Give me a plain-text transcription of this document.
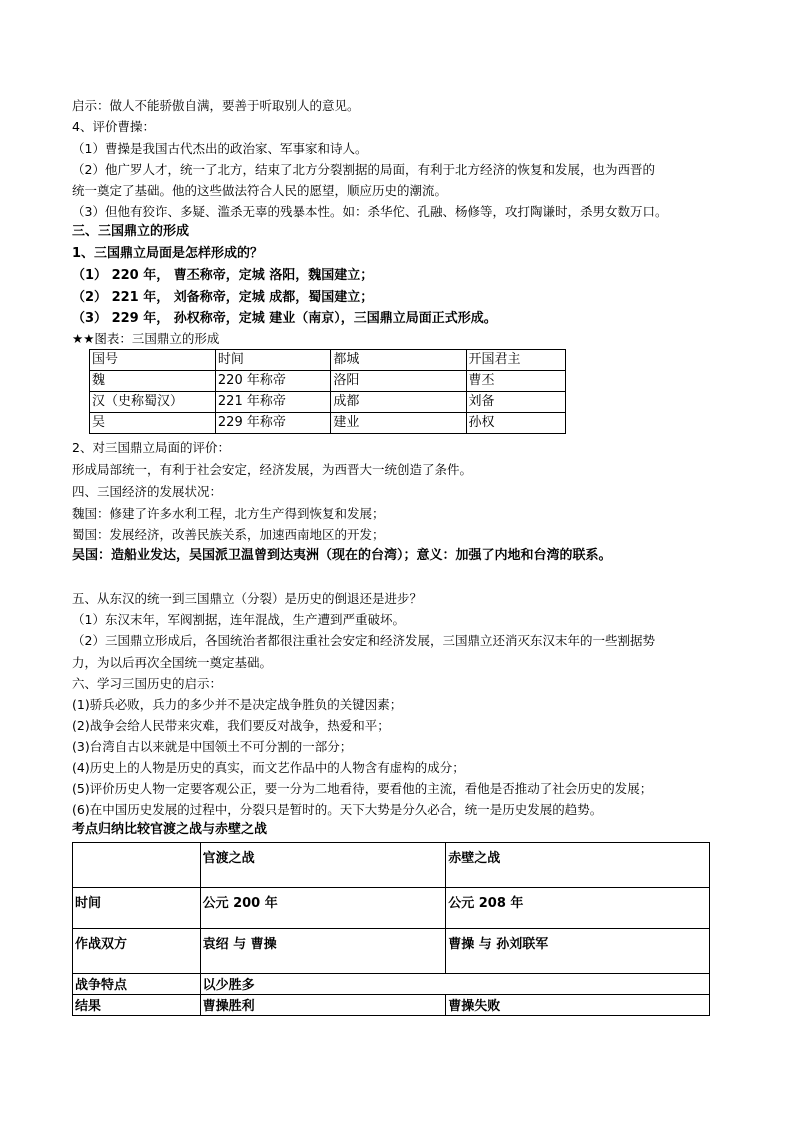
启示：做人不能骄傲自满，要善于听取别人的意见。
4、评价曹操：
（1）曹操是我国古代杰出的政治家、军事家和诗人。
（2）他广罗人才，统一了北方，结束了北方分裂割据的局面，有利于北方经济的恢复和发展，也为西晋的
统一奠定了基础。他的这些做法符合人民的愿望，顺应历史的潮流。
（3）但他有狡诈、多疑、滥杀无辜的残暴本性。如：杀华佗、孔融、杨修等，攻打陶谦时，杀男女数万口。
三、三国鼎立的形成
1、三国鼎立局面是怎样形成的？
（1） 220 年， 曹丕称帝，定城 洛阳，魏国建立；
（2） 221 年， 刘备称帝，定城 成都，蜀国建立；
（3） 229 年， 孙权称帝，定城 建业（南京），三国鼎立局面正式形成。
★★图表：三国鼎立的形成
国号	时间	都城	开国君主
魏	220 年称帝	洛阳	曹丕
汉（史称蜀汉）	221 年称帝	成都	刘备
吴	229 年称帝	建业	孙权
2、对三国鼎立局面的评价：
形成局部统一，有利于社会安定，经济发展，为西晋大一统创造了条件。
四、三国经济的发展状况：
魏国：修建了许多水利工程，北方生产得到恢复和发展；
蜀国：发展经济，改善民族关系，加速西南地区的开发；
吴国：造船业发达，吴国派卫温曾到达夷洲（现在的台湾）；意义：加强了内地和台湾的联系。
五、从东汉的统一到三国鼎立（分裂）是历史的倒退还是进步？
（1）东汉末年，军阀割据，连年混战，生产遭到严重破坏。
（2）三国鼎立形成后，各国统治者都很注重社会安定和经济发展，三国鼎立还消灭东汉末年的一些割据势
力，为以后再次全国统一奠定基础。
六、学习三国历史的启示：
(1)骄兵必败，兵力的多少并不是决定战争胜负的关键因素；
(2)战争会给人民带来灾难，我们要反对战争，热爱和平；
(3)台湾自古以来就是中国领土不可分割的一部分；
(4)历史上的人物是历史的真实，而文艺作品中的人物含有虚构的成分；
(5)评价历史人物一定要客观公正，要一分为二地看待，要看他的主流，看他是否推动了社会历史的发展；
(6)在中国历史发展的过程中，分裂只是暂时的。天下大势是分久必合，统一是历史发展的趋势。
考点归纳比较官渡之战与赤壁之战
	官渡之战	赤壁之战
时间	公元 200 年	公元 208 年
作战双方	袁绍 与 曹操	曹操 与 孙刘联军
战争特点	以少胜多	
结果	曹操胜利	曹操失败
